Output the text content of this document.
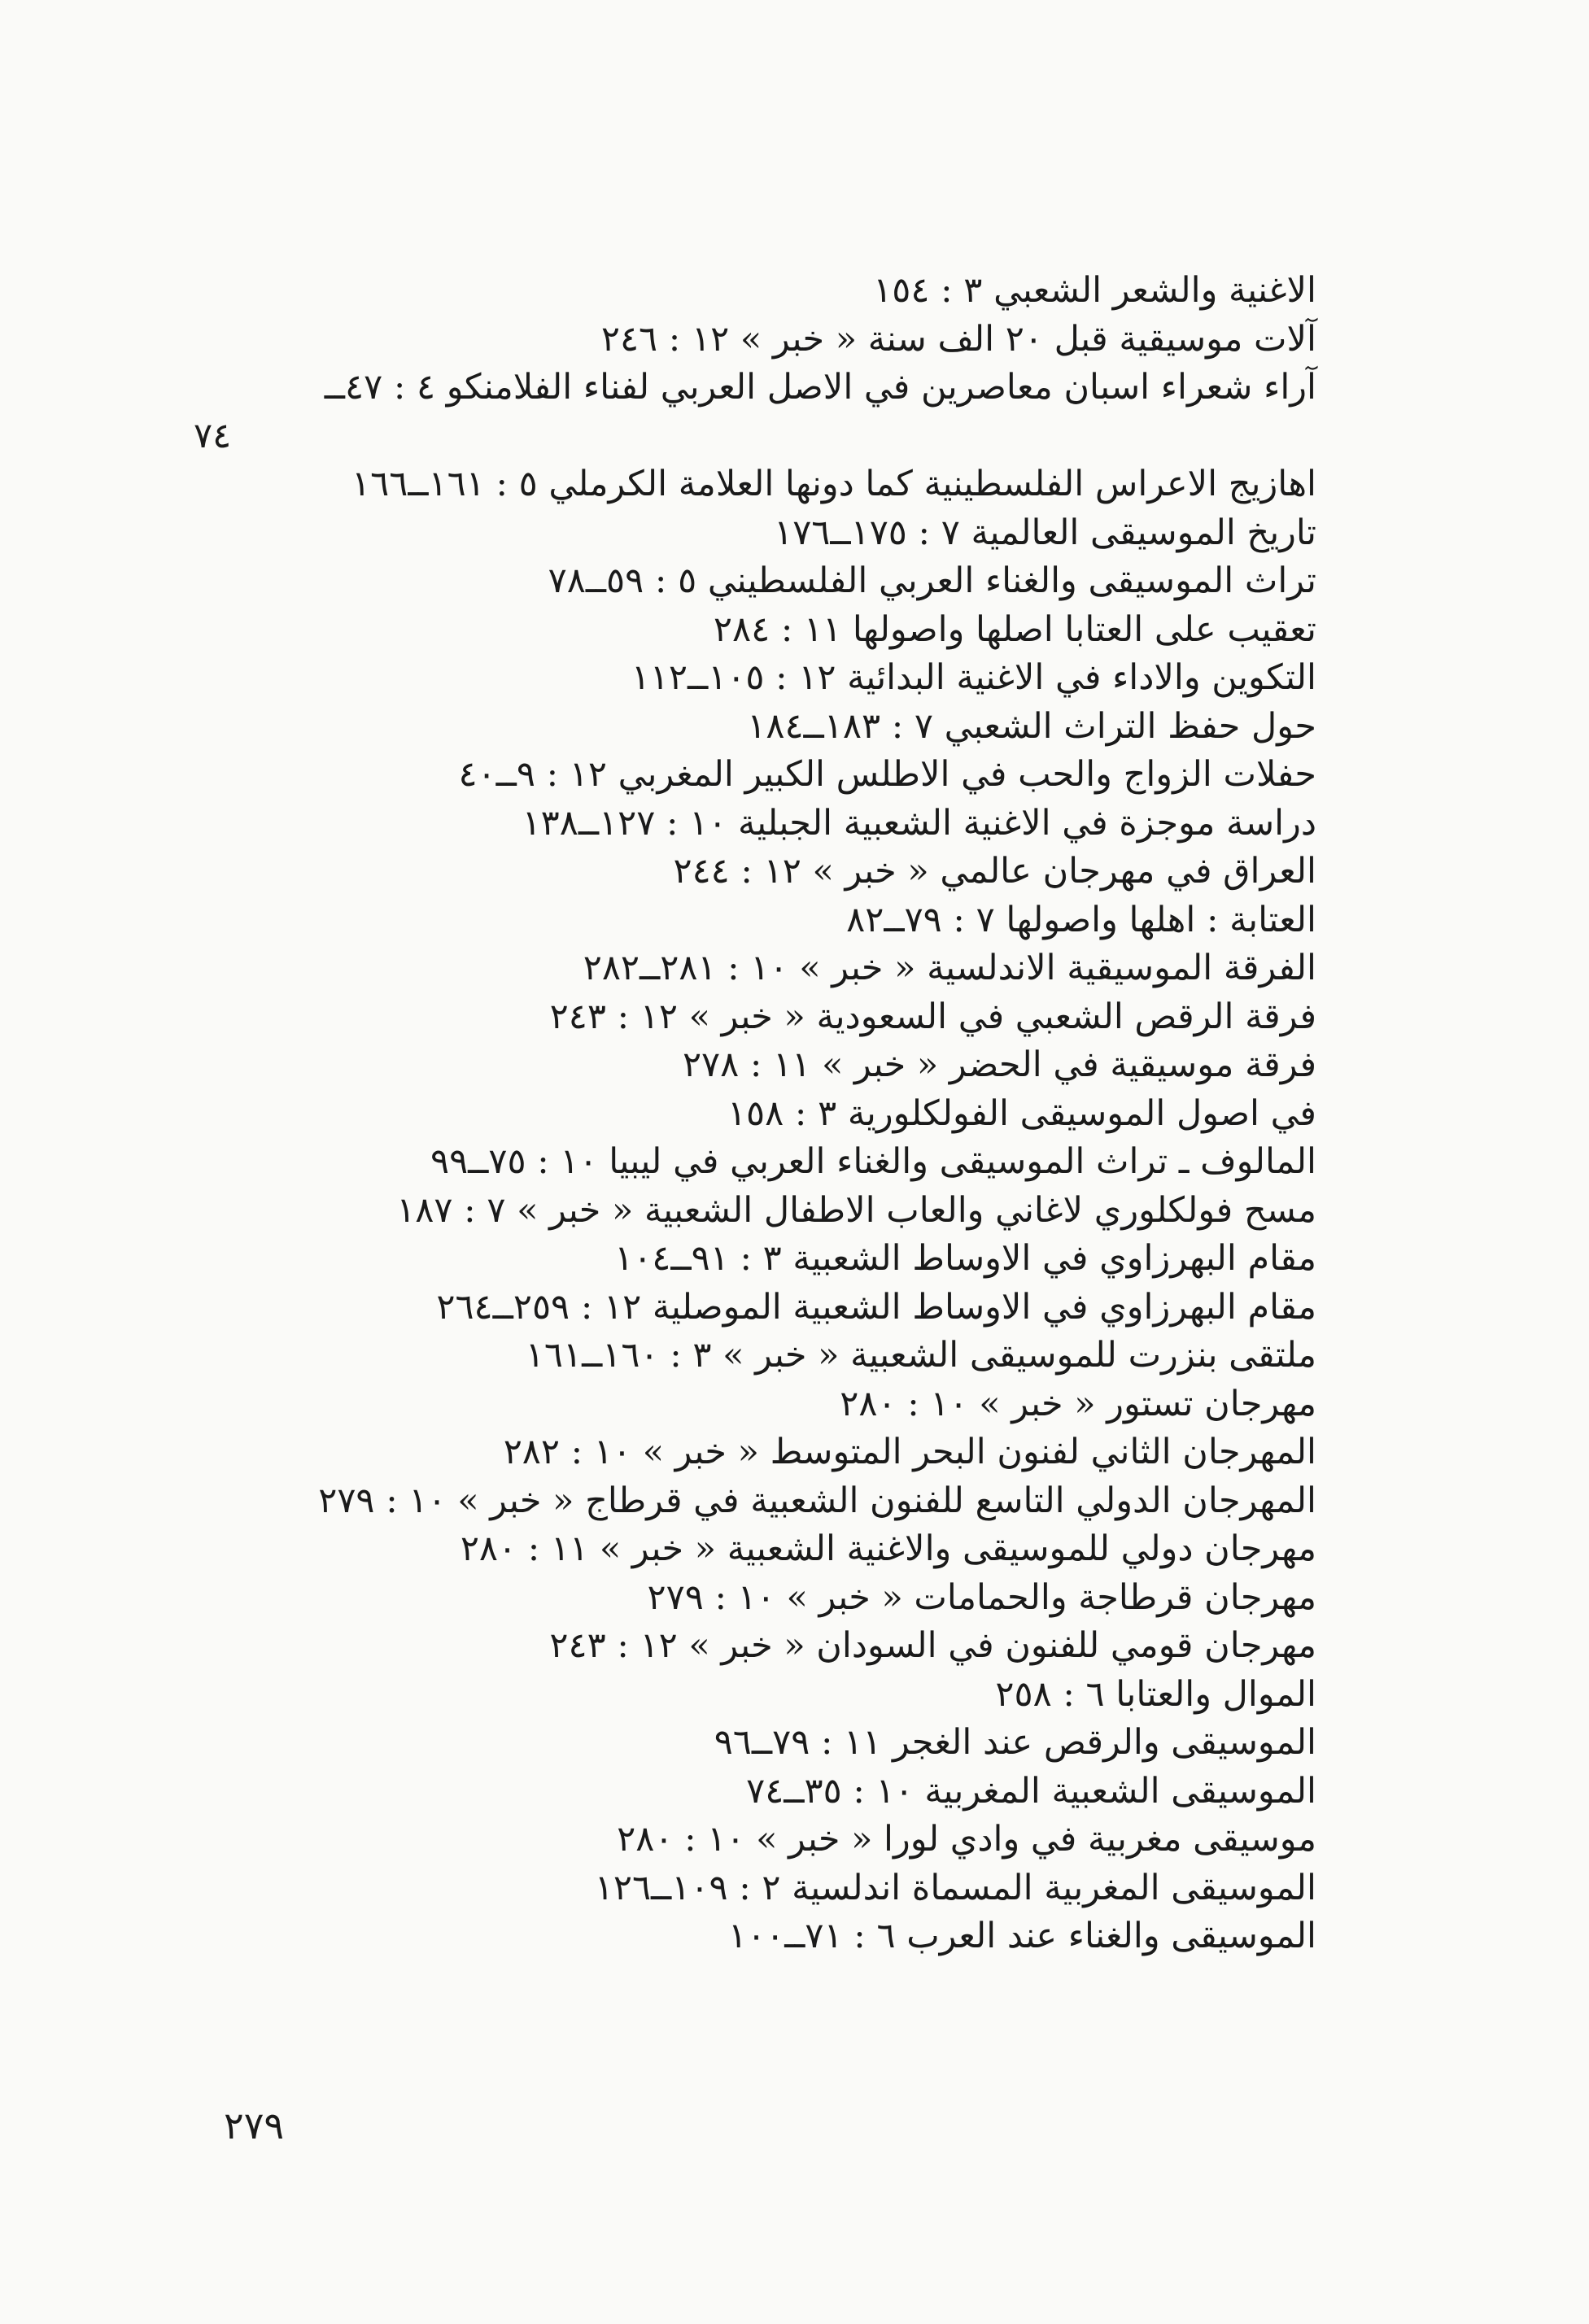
الاغنية والشعر الشعبي ٣ : ١٥٤
آلات موسيقية قبل ٢٠ الف سنة « خبر » ١٢ : ٢٤٦
آراء شعراء اسبان معاصرين في الاصل العربي لفناء الفلامنكو ٤ : ٤٧ــ
٧٤
اهازيج الاعراس الفلسطينية كما دونها العلامة الكرملي ٥ : ١٦١ــ١٦٦
تاريخ الموسيقى العالمية ٧ : ١٧٥ــ١٧٦
تراث الموسيقى والغناء العربي الفلسطيني ٥ : ٥٩ــ٧٨
تعقيب على العتابا اصلها واصولها ١١ : ٢٨٤
التكوين والاداء في الاغنية البدائية ١٢ : ١٠٥ــ١١٢
حول حفظ التراث الشعبي ٧ : ١٨٣ــ١٨٤
حفلات الزواج والحب في الاطلس الكبير المغربي ١٢ : ٩ــ٤٠
دراسة موجزة في الاغنية الشعبية الجبلية ١٠ : ١٢٧ــ١٣٨
العراق في مهرجان عالمي « خبر » ١٢ : ٢٤٤
العتابة : اهلها واصولها ٧ : ٧٩ــ٨٢
الفرقة الموسيقية الاندلسية « خبر » ١٠ : ٢٨١ــ٢٨٢
فرقة الرقص الشعبي في السعودية « خبر » ١٢ : ٢٤٣
فرقة موسيقية في الحضر « خبر » ١١ : ٢٧٨
في اصول الموسيقى الفولكلورية ٣ : ١٥٨
المالوف ـ تراث الموسيقى والغناء العربي في ليبيا ١٠ : ٧٥ــ٩٩
مسح فولكلوري لاغاني والعاب الاطفال الشعبية « خبر » ٧ : ١٨٧
مقام البهرزاوي في الاوساط الشعبية ٣ : ٩١ــ١٠٤
مقام البهرزاوي في الاوساط الشعبية الموصلية ١٢ : ٢٥٩ــ٢٦٤
ملتقى بنزرت للموسيقى الشعبية « خبر » ٣ : ١٦٠ــ١٦١
مهرجان تستور « خبر » ١٠ : ٢٨٠
المهرجان الثاني لفنون البحر المتوسط « خبر » ١٠ : ٢٨٢
المهرجان الدولي التاسع للفنون الشعبية في قرطاج « خبر » ١٠ : ٢٧٩
مهرجان دولي للموسيقى والاغنية الشعبية « خبر » ١١ : ٢٨٠
مهرجان قرطاجة والحمامات « خبر » ١٠ : ٢٧٩
مهرجان قومي للفنون في السودان « خبر » ١٢ : ٢٤٣
الموال والعتابا ٦ : ٢٥٨
الموسيقى والرقص عند الغجر ١١ : ٧٩ــ٩٦
الموسيقى الشعبية المغربية ١٠ : ٣٥ــ٧٤
موسيقى مغربية في وادي لورا « خبر » ١٠ : ٢٨٠
الموسيقى المغربية المسماة اندلسية ٢ : ١٠٩ــ١٢٦
الموسيقى والغناء عند العرب ٦ : ٧١ــ١٠٠
٢٧٩
